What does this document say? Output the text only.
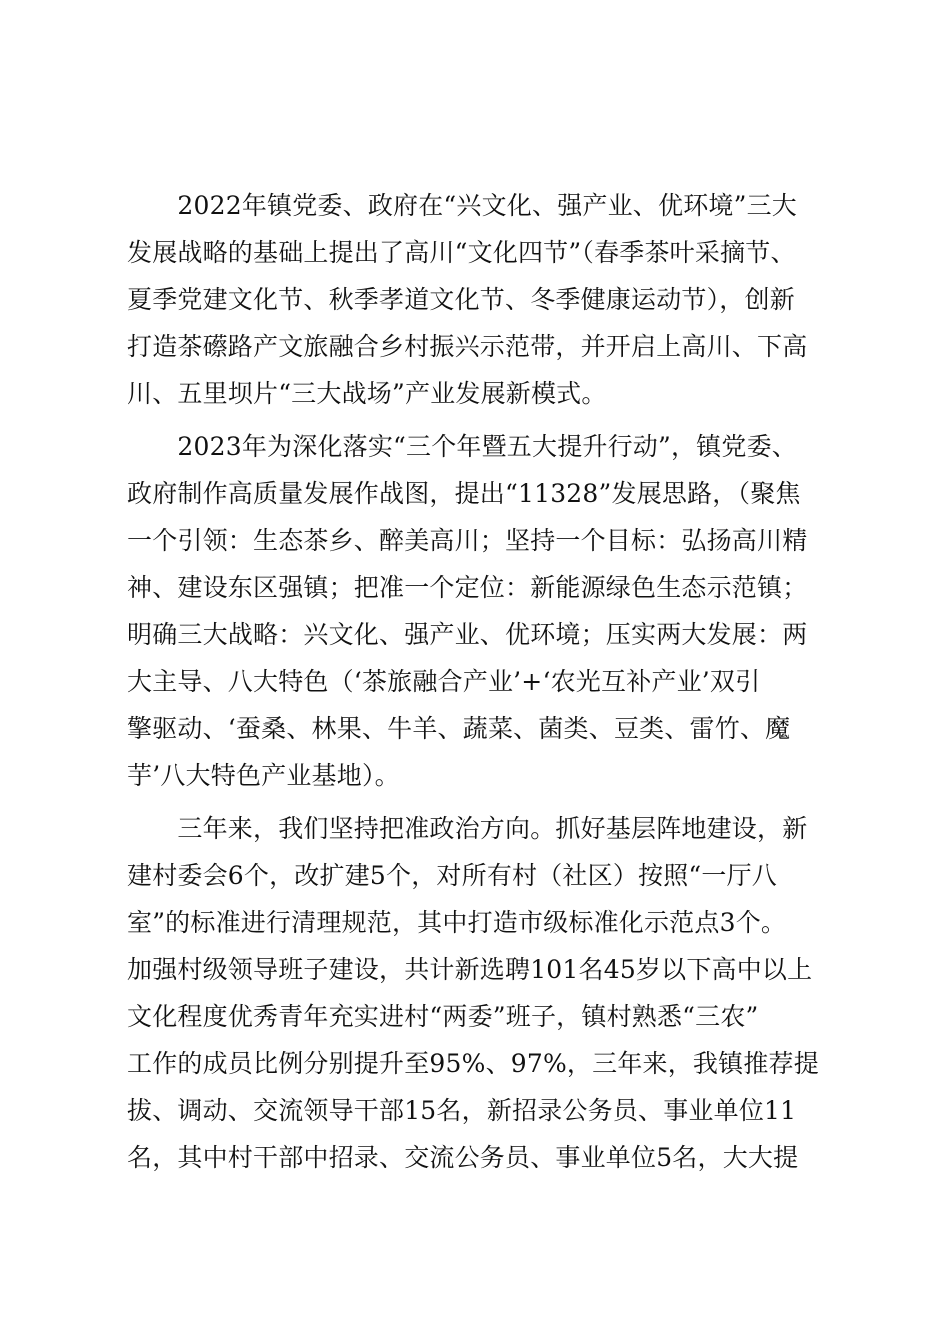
　　2022年镇党委、政府在“兴文化、强产业、优环境”三大
发展战略的基础上提出了高川“文化四节”（春季茶叶采摘节、
夏季党建文化节、秋季孝道文化节、冬季健康运动节），创新
打造茶礤路产文旅融合乡村振兴示范带，并开启上高川、下高
川、五里坝片“三大战场”产业发展新模式。
　　2023年为深化落实“三个年暨五大提升行动”，镇党委、
政府制作高质量发展作战图，提出“11328”发展思路，（聚焦
一个引领：生态茶乡、醉美高川；坚持一个目标：弘扬高川精
神、建设东区强镇；把准一个定位：新能源绿色生态示范镇；
明确三大战略：兴文化、强产业、优环境；压实两大发展：两
大主导、八大特色（‘茶旅融合产业’+‘农光互补产业’双引
擎驱动、‘蚕桑、林果、牛羊、蔬菜、菌类、豆类、雷竹、魔
芋’八大特色产业基地）。
　　三年来，我们坚持把准政治方向。抓好基层阵地建设，新
建村委会6个，改扩建5个，对所有村（社区）按照“一厅八
室”的标准进行清理规范，其中打造市级标准化示范点3个。
加强村级领导班子建设，共计新选聘101名45岁以下高中以上
文化程度优秀青年充实进村“两委”班子，镇村熟悉“三农”
工作的成员比例分别提升至95%、97%，三年来，我镇推荐提
拔、调动、交流领导干部15名，新招录公务员、事业单位11
名，其中村干部中招录、交流公务员、事业单位5名，大大提
